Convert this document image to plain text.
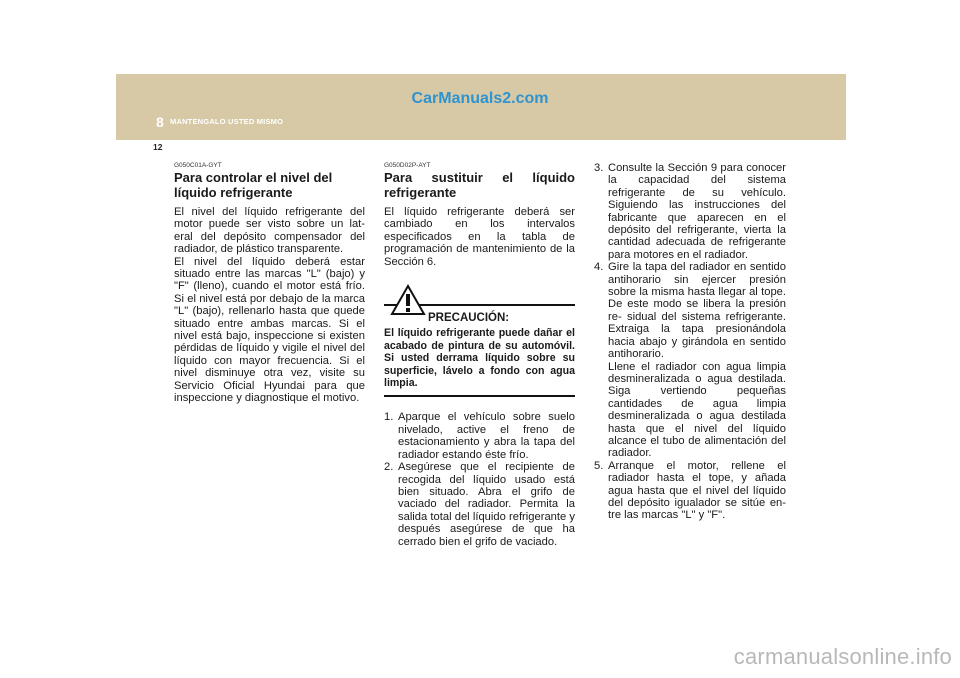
8 MANTENGALO USTED MISMO
CarManuals2.com
12
G050C01A-GYT
Para controlar el nivel del líquido refrigerante

El nivel del líquido refrigerante del motor puede ser visto sobre un lat- eral del depósito compensador del radiador, de plástico transparente.

El nivel del líquido deberá estar situado entre las marcas "L" (bajo) y "F" (lleno), cuando el motor está frío. Si el nivel está por debajo de la marca "L" (bajo), rellenarlo hasta que quede situado entre ambas marcas. Si el nivel está bajo, inspeccione si existen pérdidas de líquido y vigile el nivel del líquido con mayor frecuencia. Si el nivel disminuye otra vez, visite su Servicio Oficial Hyundai para que inspeccione y diagnostique el motivo.

G050D02P-AYT
Para sustituir el líquido refrigerante

El líquido refrigerante deberá ser cambiado en los intervalos especificados en la tabla de programación de mantenimiento de la Sección 6.

PRECAUCIÓN:
El líquido refrigerante puede dañar el acabado de pintura de su automóvil. Si usted derrama líquido sobre su superficie, lávelo a fondo con agua limpia.
1. Aparque el vehículo sobre suelo nivelado, active el freno de estacionamiento y abra la tapa del radiador estando éste frío.
2. Asegúrese que el recipiente de recogida del líquido usado está bien situado. Abra el grifo de vaciado del radiador. Permita la salida total del líquido refrigerante y después asegúrese de que ha cerrado bien el grifo de vaciado.
3. Consulte la Sección 9 para conocer la capacidad del sistema refrigerante de su vehículo. Siguiendo las instrucciones del fabricante que aparecen en el depósito del refrigerante, vierta la cantidad adecuada de refrigerante para motores en el radiador.
4. Gire la tapa del radiador en sentido antihorario sin ejercer presión sobre la misma hasta llegar al tope. De este modo se libera la presión re- sidual del sistema refrigerante. Extraiga la tapa presionándola hacia abajo y girándola en sentido antihorario.
Llene el radiador con agua limpia desmineralizada o agua destilada. Siga vertiendo pequeñas cantidades de agua limpia desmineralizada o agua destilada hasta que el nivel del líquido alcance el tubo de alimentación del radiador.
5. Arranque el motor, rellene el radiador hasta el tope, y añada agua hasta que el nivel del líquido del depósito igualador se sitúe en- tre las marcas "L" y "F".
carmanualsonline.info
